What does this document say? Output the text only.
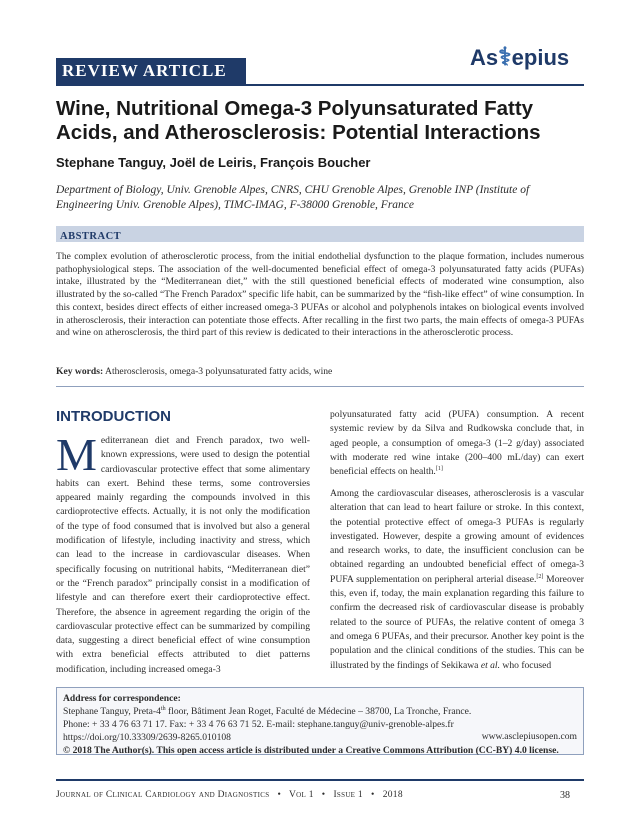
REVIEW ARTICLE
As⚕epius
Wine, Nutritional Omega-3 Polyunsaturated Fatty Acids, and Atherosclerosis: Potential Interactions
Stephane Tanguy, Joël de Leiris, François Boucher
Department of Biology, Univ. Grenoble Alpes, CNRS, CHU Grenoble Alpes, Grenoble INP (Institute of Engineering Univ. Grenoble Alpes), TIMC-IMAG, F-38000 Grenoble, France
ABSTRACT

The complex evolution of atherosclerotic process, from the initial endothelial dysfunction to the plaque formation, includes numerous pathophysiological steps. The association of the well-documented beneficial effect of omega-3 polyunsaturated fatty acids (PUFAs) intake, illustrated by the “Mediterranean diet,” with the still questioned beneficial effects of moderated wine consumption, also illustrated by the so-called “The French Paradox” specific life habit, can be summarized by the “fish-like effect” of wine consumption. In this context, besides direct effects of either increased omega-3 PUFAs or alcohol and polyphenols intakes on biological events involved in atherosclerosis, their interaction can potentiate those effects. After recalling in the first two parts, the main effects of omega-3 PUFAs and wine on atherosclerosis, the third part of this review is dedicated to their interactions in the atherosclerotic process.

Key words: Atherosclerosis, omega-3 polyunsaturated fatty acids, wine
INTRODUCTION

Mediterranean diet and French paradox, two well-known expressions, were used to design the potential cardiovascular protective effect that some alimentary habits can exert. Behind these terms, some controversies appeared mainly regarding the compounds involved in this cardioprotective effects. Actually, it is not only the modification of the type of food consumed that is involved but also a general modification of lifestyle, including inactivity and stress, which can lead to the increase in cardiovascular diseases. When specifically focusing on nutritional habits, “Mediterranean diet” or the “French paradox” principally consist in a modification of lifestyle and can therefore exert their cardioprotective effect. Therefore, the absence in agreement regarding the origin of the cardiovascular protective effect can be summarized by compiling data, suggesting a direct beneficial effect of wine consumption with extra beneficial effects attributed to diet patterns modification, including increased omega-3

polyunsaturated fatty acid (PUFA) consumption. A recent systemic review by da Silva and Rudkowska conclude that, in aged people, a consumption of omega-3 (1–2 g/day) associated with moderate red wine intake (200–400 mL/day) can exert beneficial effects on health.[1]

Among the cardiovascular diseases, atherosclerosis is a vascular alteration that can lead to heart failure or stroke. In this context, the potential protective effect of omega-3 PUFAs is regularly investigated. However, despite a growing amount of evidences and research works, to date, the insufficient conclusion can be obtained regarding an undoubted beneficial effect of omega-3 PUFA supplementation on peripheral arterial disease.[2] Moreover this, even if, today, the main explanation regarding this failure to confirm the decreased risk of cardiovascular disease is probably related to the source of PUFAs, the relative content of omega 3 and omega 6 PUFAs, and their precursor. Another key point is the population and the clinical conditions of the studies. This can be illustrated by the findings of Sekikawa et al. who focused

Address for correspondence:
Stephane Tanguy, Preta-4th floor, Bâtiment Jean Roget, Faculté de Médecine – 38700, La Tronche, France.
Phone: + 33 4 76 63 71 17. Fax: + 33 4 76 63 71 52. E-mail: stephane.tanguy@univ-grenoble-alpes.fr
https://doi.org/10.33309/2639-8265.010108	www.asclepiusopen.com
© 2018 The Author(s). This open access article is distributed under a Creative Commons Attribution (CC-BY) 4.0 license.
Journal of Clinical Cardiology and Diagnostics • Vol 1 • Issue 1 • 2018	38
